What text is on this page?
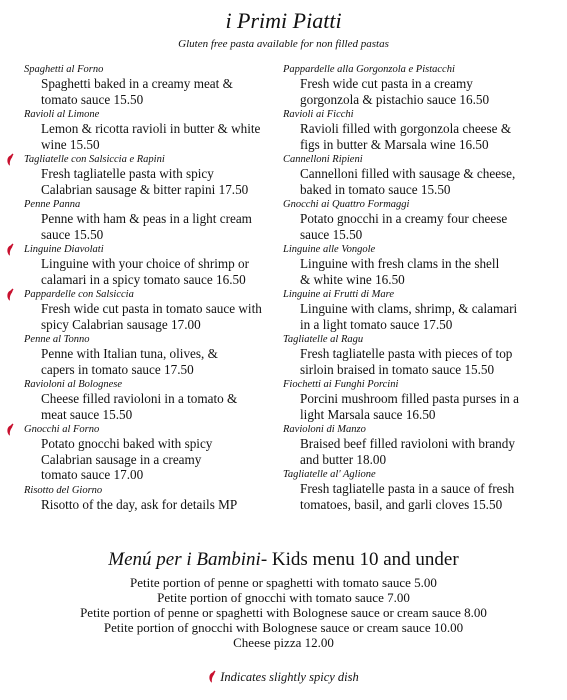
i Primi Piatti
Gluten free pasta available for non filled pastas
Spaghetti al Forno
Spaghetti baked in a creamy meat &
tomato sauce 15.50
Ravioli al Limone
Lemon & ricotta ravioli in butter & white
wine 15.50
Tagliatelle con Salsiccia e Rapini
Fresh tagliatelle pasta with spicy
Calabrian sausage & bitter rapini 17.50
Penne Panna
Penne with ham & peas in a light cream
sauce 15.50
Linguine Diavolati
Linguine with your choice of shrimp or
calamari in a spicy tomato sauce 16.50
Pappardelle con Salsiccia
Fresh wide cut pasta in tomato sauce with
spicy Calabrian sausage 17.00
Penne al Tonno
Penne with Italian tuna, olives, &
capers in tomato sauce 17.50
Ravioloni al Bolognese
Cheese filled ravioloni in a tomato &
meat sauce 15.50
Gnocchi al Forno
Potato gnocchi baked with spicy
Calabrian sausage in a creamy
tomato sauce 17.00
Risotto del Giorno
Risotto of the day, ask for details MP
Pappardelle alla Gorgonzola e Pistacchi
Fresh wide cut pasta in a creamy
gorgonzola & pistachio sauce 16.50
Ravioli ai Ficchi
Ravioli filled with gorgonzola cheese &
figs in butter & Marsala wine 16.50
Cannelloni Ripieni
Cannelloni filled with sausage & cheese,
baked in tomato sauce 15.50
Gnocchi ai Quattro Formaggi
Potato gnocchi in a creamy four cheese
sauce 15.50
Linguine alle Vongole
Linguine with fresh clams in the shell
& white wine 16.50
Linguine ai Frutti di Mare
Linguine with clams, shrimp, & calamari
in a light tomato sauce 17.50
Tagliatelle al Ragu
Fresh tagliatelle pasta with pieces of top
sirloin braised in tomato sauce 15.50
Fiochetti ai Funghi Porcini
Porcini mushroom filled pasta purses in a
light Marsala sauce 16.50
Ravioloni di Manzo
Braised beef filled ravioloni with brandy
and butter 18.00
Tagliatelle al' Aglione
Fresh tagliatelle pasta in a sauce of fresh
tomatoes, basil, and garli cloves 15.50
Menú per i Bambini- Kids menu 10 and under
Petite portion of penne or spaghetti with tomato sauce 5.00
Petite portion of gnocchi with tomato sauce 7.00
Petite portion of penne or spaghetti with Bolognese sauce or cream sauce 8.00
Petite portion of gnocchi with Bolognese sauce or cream sauce 10.00
Cheese pizza 12.00
Indicates slightly spicy dish
